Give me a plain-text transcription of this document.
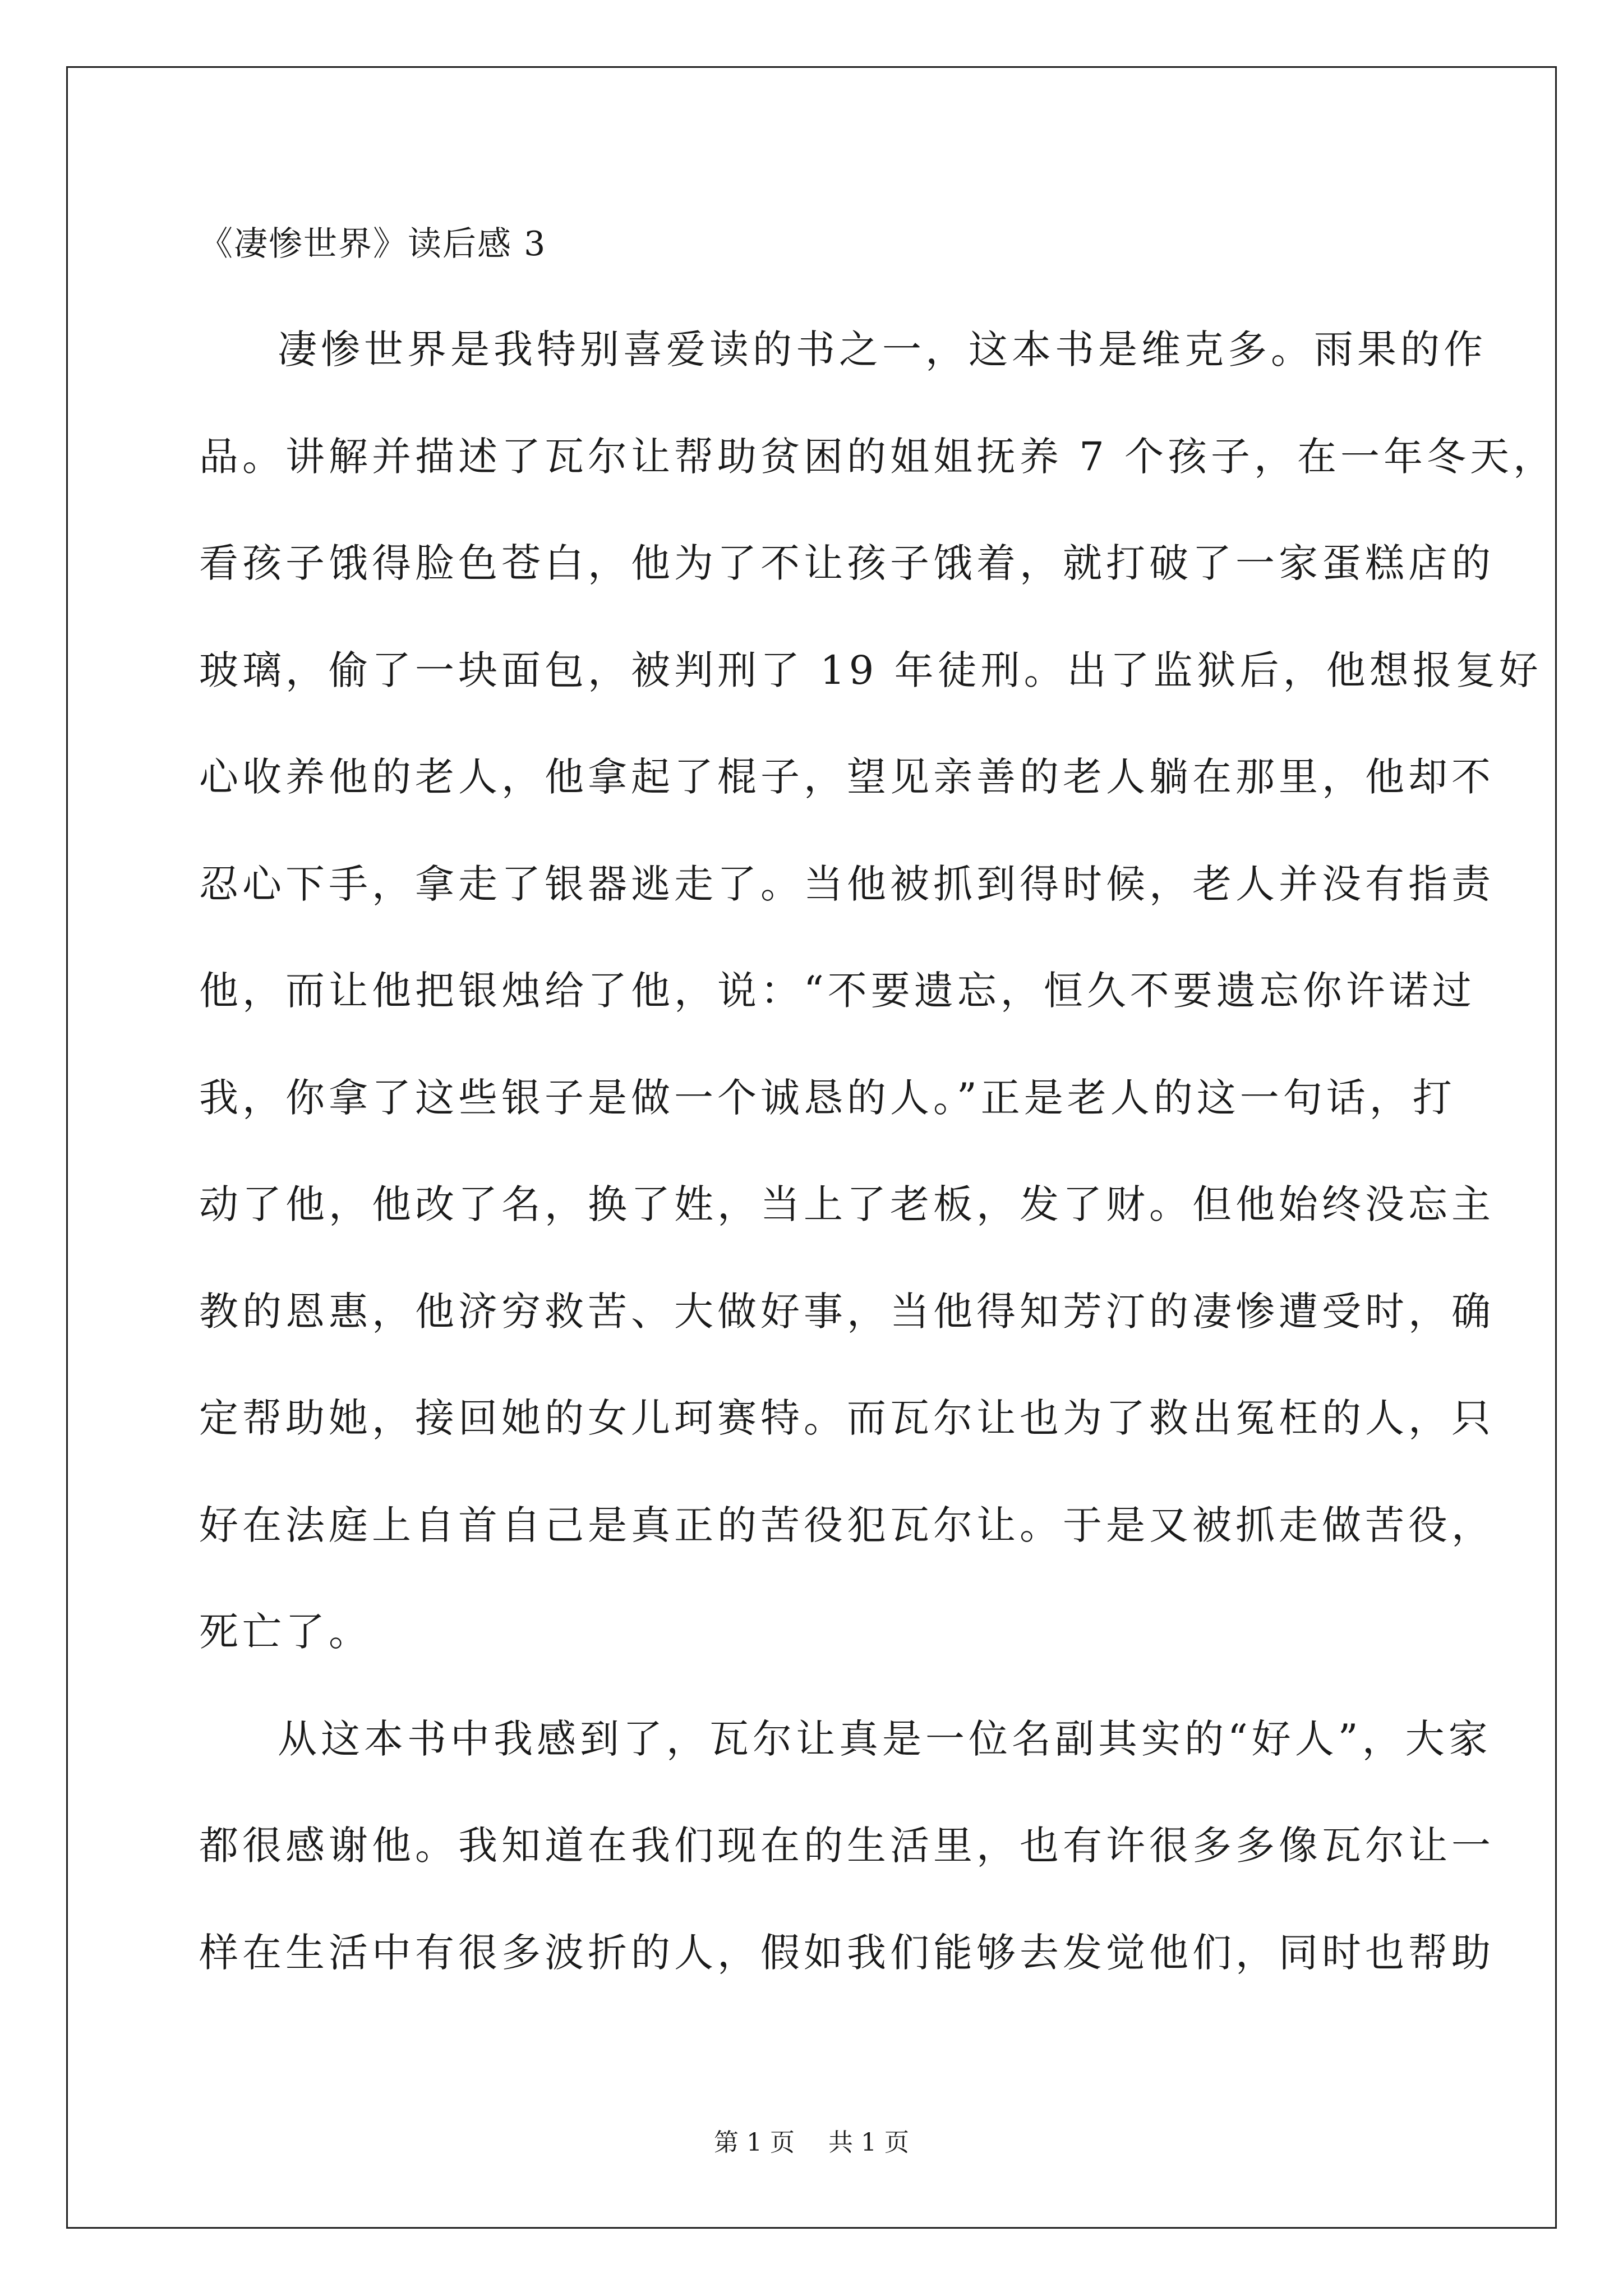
《凄惨世界》读后感 3

凄惨世界是我特别喜爱读的书之一，这本书是维克多。雨果的作
品。讲解并描述了瓦尔让帮助贫困的姐姐抚养 7 个孩子，在一年冬天，
看孩子饿得脸色苍白，他为了不让孩子饿着，就打破了一家蛋糕店的
玻璃，偷了一块面包，被判刑了 19 年徒刑。出了监狱后，他想报复好
心收养他的老人，他拿起了棍子，望见亲善的老人躺在那里，他却不
忍心下手，拿走了银器逃走了。当他被抓到得时候，老人并没有指责
他，而让他把银烛给了他，说：“不要遗忘，恒久不要遗忘你许诺过
我，你拿了这些银子是做一个诚恳的人。”正是老人的这一句话，打
动了他，他改了名，换了姓，当上了老板，发了财。但他始终没忘主
教的恩惠，他济穷救苦、大做好事，当他得知芳汀的凄惨遭受时，确
定帮助她，接回她的女儿珂赛特。而瓦尔让也为了救出冤枉的人，只
好在法庭上自首自己是真正的苦役犯瓦尔让。于是又被抓走做苦役，
死亡了。

从这本书中我感到了，瓦尔让真是一位名副其实的“好人”，大家
都很感谢他。我知道在我们现在的生活里，也有许很多多像瓦尔让一
样在生活中有很多波折的人，假如我们能够去发觉他们，同时也帮助

第 1 页 共 1 页
